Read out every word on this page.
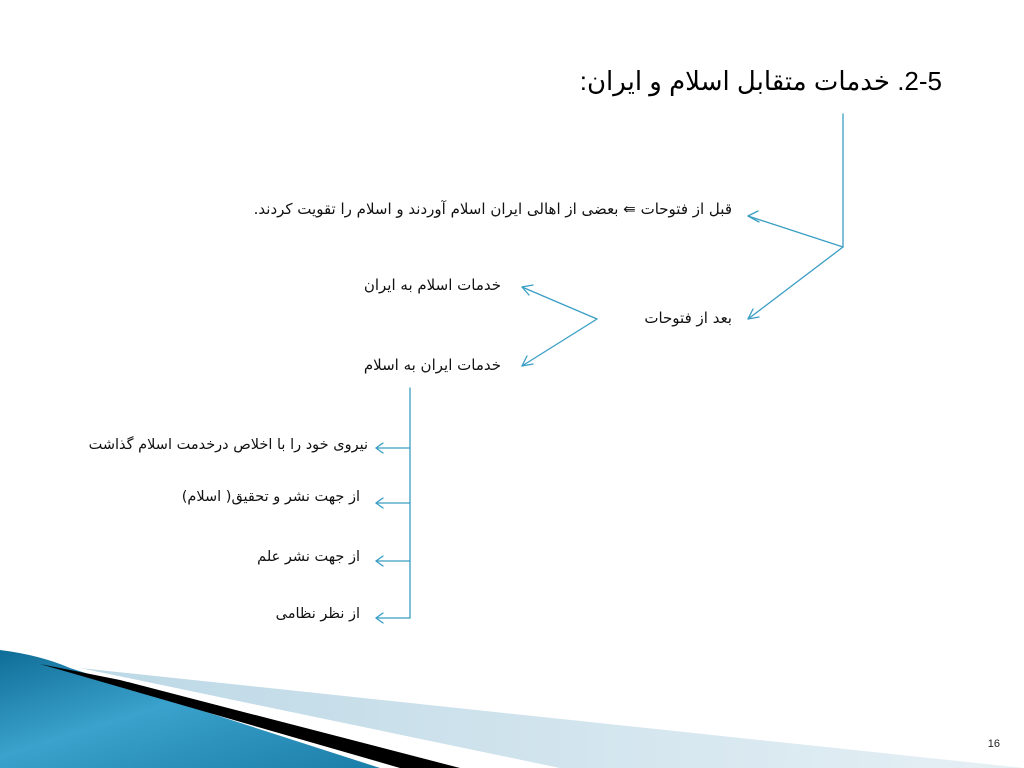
2-5. خدمات متقابل اسلام و ایران:
قبل از فتوحات ⇚ بعضی از اهالی ایران اسلام آوردند و اسلام را تقویت کردند.
بعد از فتوحات
خدمات اسلام به ایران
خدمات ایران به اسلام
نیروی خود را با اخلاص درخدمت اسلام گذاشت
از جهت نشر و تحقیق( اسلام)
از جهت نشر علم
از نظر نظامی
16
